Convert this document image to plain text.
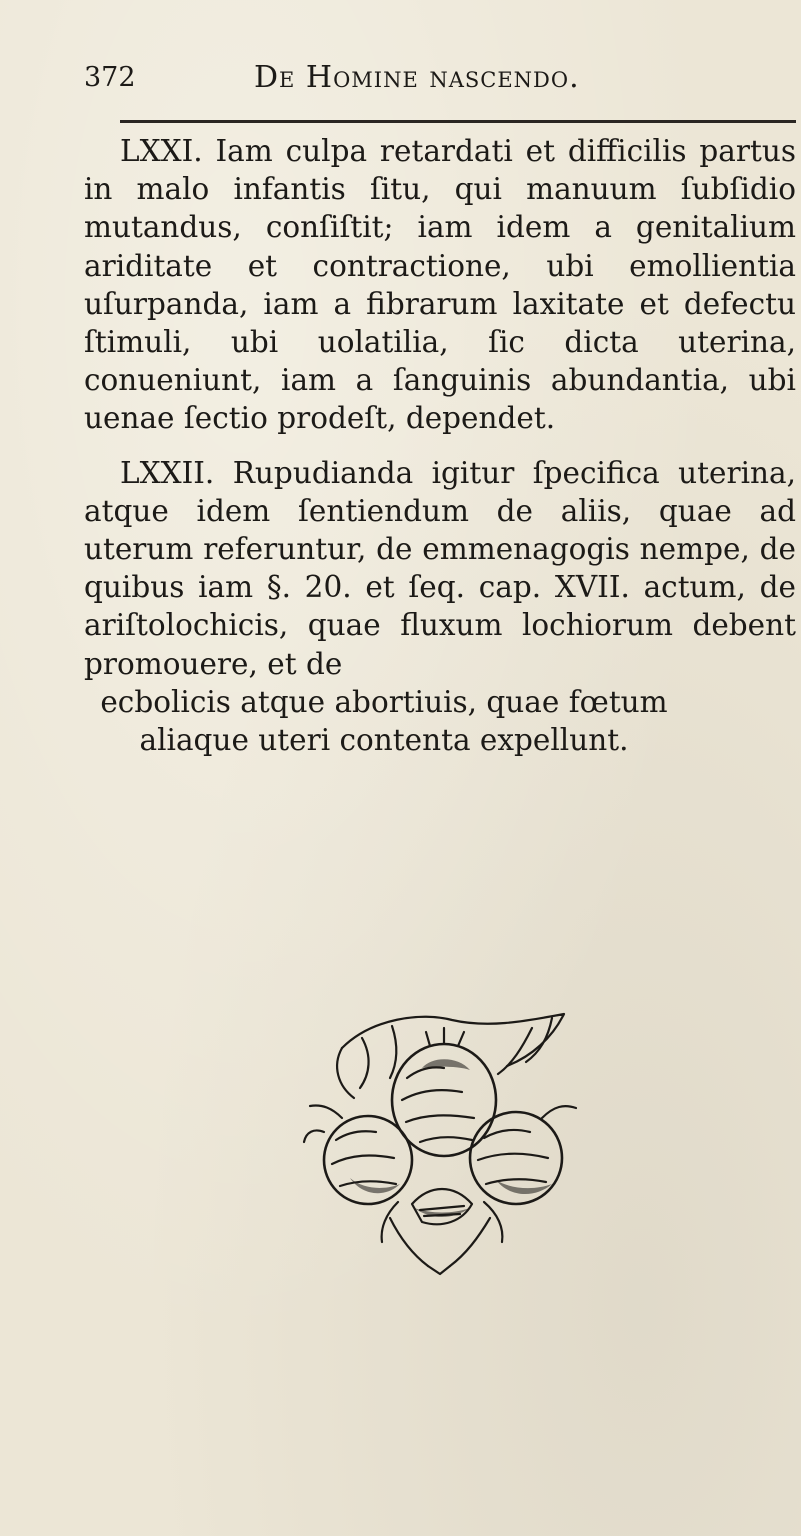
372	De Homine nascendo.

LXXI. Iam culpa retardati et difficilis partus in malo infantis ſitu, qui manuum ſubſidio mutandus, conſiſtit; iam idem a genitalium ariditate et contractione, ubi emollientia uſurpanda, iam a fibrarum laxitate et defectu ſtimuli, ubi uolatilia, ſic dicta uterina, conueniunt, iam a ſanguinis abundantia, ubi uenae ſectio prodeſt, dependet.

LXXII. Rupudianda igitur ſpecifica uterina, atque idem ſentiendum de aliis, quae ad uterum referuntur, de emmenagogis nempe, de quibus iam §. 20. et ſeq. cap. XVII. actum, de ariſtolochicis, quae fluxum lochiorum debent promouere, et de

ecbolicis atque abortiuis, quae fœtum aliaque uteri contenta expellunt.
